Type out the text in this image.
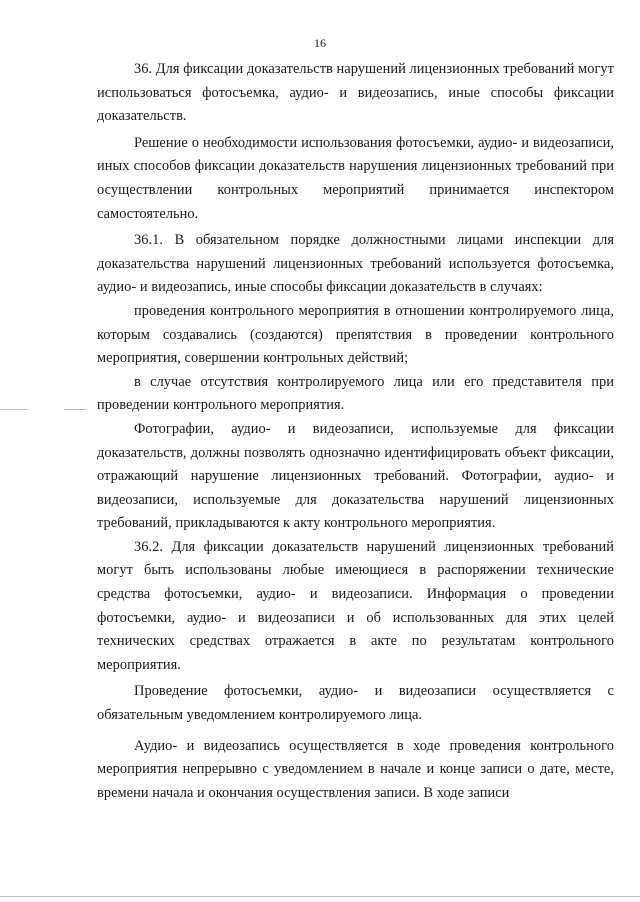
16

36. Для фиксации доказательств нарушений лицензионных требований могут использоваться фотосъемка, аудио- и видеозапись, иные способы фиксации доказательств.

Решение о необходимости использования фотосъемки, аудио- и видеозаписи, иных способов фиксации доказательств нарушения лицензионных требований при осуществлении контрольных мероприятий принимается инспектором самостоятельно.

36.1. В обязательном порядке должностными лицами инспекции для доказательства нарушений лицензионных требований используется фотосъемка, аудио- и видеозапись, иные способы фиксации доказательств в случаях:

проведения контрольного мероприятия в отношении контролируемого лица, которым создавались (создаются) препятствия в проведении контрольного мероприятия, совершении контрольных действий;

в случае отсутствия контролируемого лица или его представителя при проведении контрольного мероприятия.

Фотографии, аудио- и видеозаписи, используемые для фиксации доказательств, должны позволять однозначно идентифицировать объект фиксации, отражающий нарушение лицензионных требований. Фотографии, аудио- и видеозаписи, используемые для доказательства нарушений лицензионных требований, прикладываются к акту контрольного мероприятия.

36.2. Для фиксации доказательств нарушений лицензионных требований могут быть использованы любые имеющиеся в распоряжении технические средства фотосъемки, аудио- и видеозаписи. Информация о проведении фотосъемки, аудио- и видеозаписи и об использованных для этих целей технических средствах отражается в акте по результатам контрольного мероприятия.

Проведение фотосъемки, аудио- и видеозаписи осуществляется с обязательным уведомлением контролируемого лица.

Аудио- и видеозапись осуществляется в ходе проведения контрольного мероприятия непрерывно с уведомлением в начале и конце записи о дате, месте, времени начала и окончания осуществления записи. В ходе записи
